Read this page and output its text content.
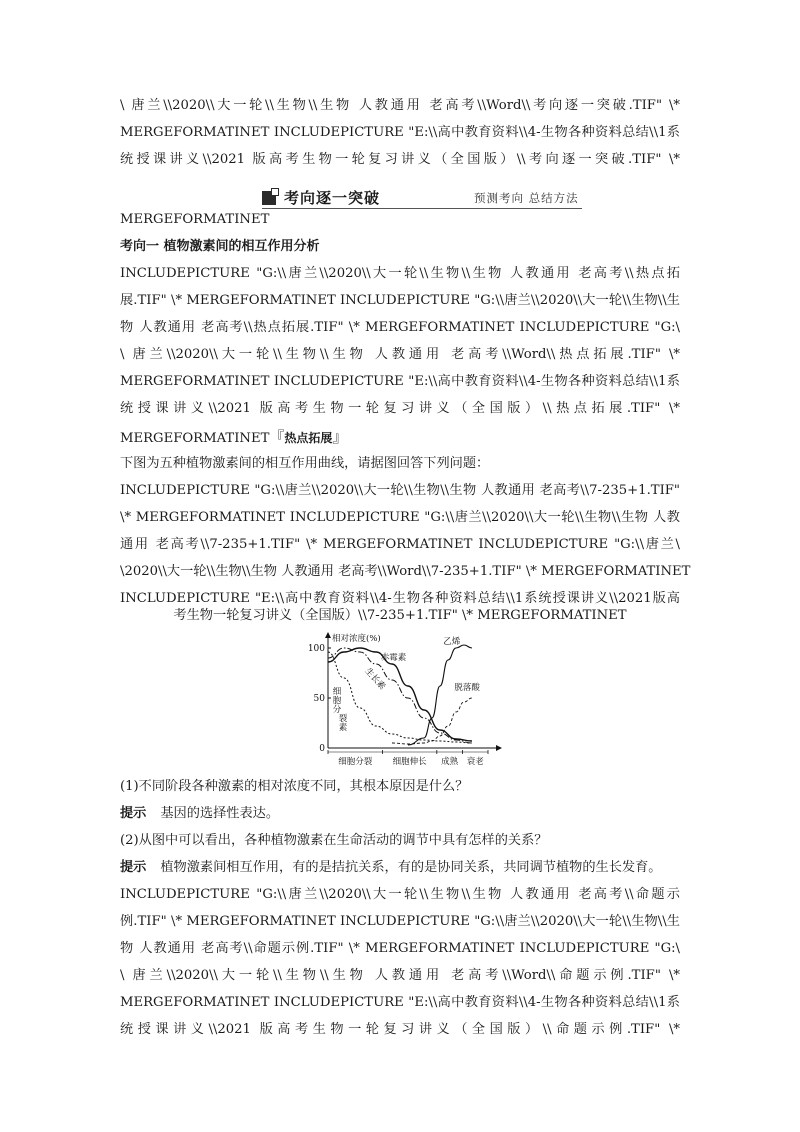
\ 唐兰\\2020\\大一轮\\生物\\生物 人教通用 老高考\\Word\\考向逐一突破.TIF" \*
MERGEFORMATINET INCLUDEPICTURE "E:\\高中教育资料\\4-生物各种资料总结\\1系
统授课讲义\\2021 版高考生物一轮复习讲义（全国版）\\考向逐一突破.TIF" \*
考向逐一突破	预测考向 总结方法
MERGEFORMATINET
考向一 植物激素间的相互作用分析
INCLUDEPICTURE "G:\\唐兰\\2020\\大一轮\\生物\\生物 人教通用 老高考\\热点拓
展.TIF" \* MERGEFORMATINET INCLUDEPICTURE "G:\\唐兰\\2020\\大一轮\\生物\\生
物 人教通用 老高考\\热点拓展.TIF" \* MERGEFORMATINET INCLUDEPICTURE "G:\
\ 唐兰\\2020\\大一轮\\生物\\生物 人教通用 老高考\\Word\\热点拓展.TIF" \*
MERGEFORMATINET INCLUDEPICTURE "E:\\高中教育资料\\4-生物各种资料总结\\1系
统授课讲义\\2021 版高考生物一轮复习讲义（全国版）\\热点拓展.TIF" \*
MERGEFORMATINET『热点拓展』
下图为五种植物激素间的相互作用曲线，请据图回答下列问题：
INCLUDEPICTURE "G:\\唐兰\\2020\\大一轮\\生物\\生物 人教通用 老高考\\7-235+1.TIF"
\* MERGEFORMATINET INCLUDEPICTURE "G:\\唐兰\\2020\\大一轮\\生物\\生物 人教
通用 老高考\\7-235+1.TIF" \* MERGEFORMATINET INCLUDEPICTURE "G:\\唐兰\
\2020\\大一轮\\生物\\生物 人教通用 老高考\\Word\\7-235+1.TIF" \* MERGEFORMATINET
INCLUDEPICTURE "E:\\高中教育资料\\4-生物各种资料总结\\1系统授课讲义\\2021版高
考生物一轮复习讲义（全国版）\\7-235+1.TIF" \* MERGEFORMATINET
相对浓度(%)
100
50
0
细胞分裂 细胞伸长 成熟 衰老
赤霉素
生长素
细
胞
分
裂
素
乙烯
脱落酸
(1)不同阶段各种激素的相对浓度不同，其根本原因是什么？
提示 基因的选择性表达。
(2)从图中可以看出，各种植物激素在生命活动的调节中具有怎样的关系？
提示 植物激素间相互作用，有的是拮抗关系，有的是协同关系，共同调节植物的生长发育。
INCLUDEPICTURE "G:\\唐兰\\2020\\大一轮\\生物\\生物 人教通用 老高考\\命题示
例.TIF" \* MERGEFORMATINET INCLUDEPICTURE "G:\\唐兰\\2020\\大一轮\\生物\\生
物 人教通用 老高考\\命题示例.TIF" \* MERGEFORMATINET INCLUDEPICTURE "G:\
\ 唐兰\\2020\\大一轮\\生物\\生物 人教通用 老高考\\Word\\命题示例.TIF" \*
MERGEFORMATINET INCLUDEPICTURE "E:\\高中教育资料\\4-生物各种资料总结\\1系
统授课讲义\\2021 版高考生物一轮复习讲义（全国版）\\命题示例.TIF" \*
